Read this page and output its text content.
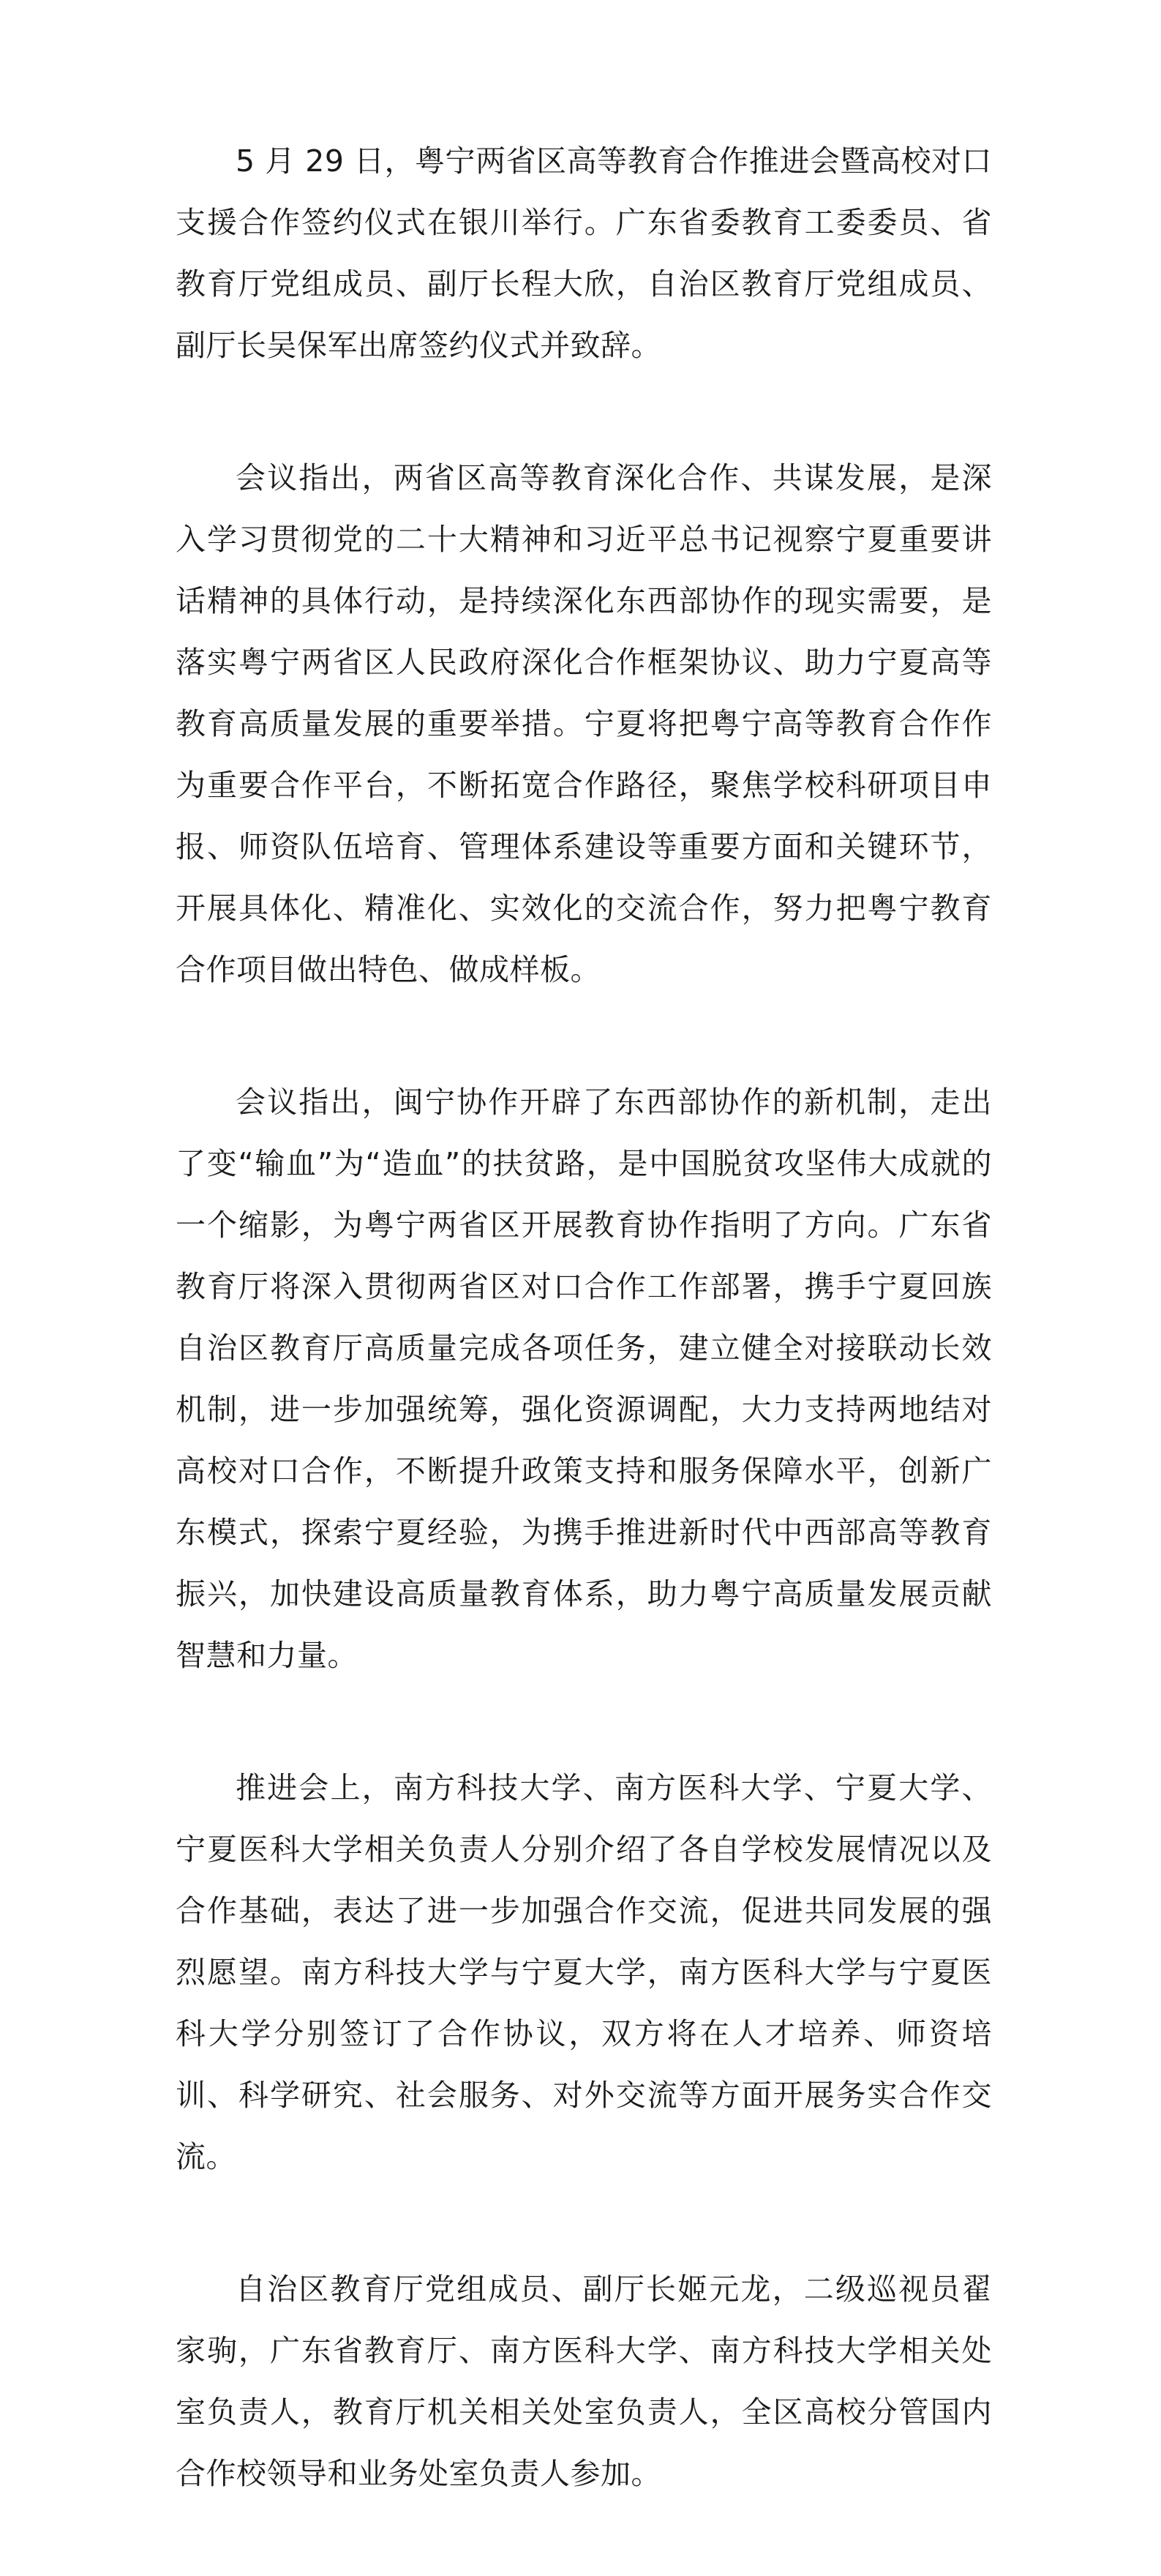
5 月 29 日，粤宁两省区高等教育合作推进会暨高校对口支援合作签约仪式在银川举行。广东省委教育工委委员、省教育厅党组成员、副厅长程大欣，自治区教育厅党组成员、副厅长吴保军出席签约仪式并致辞。

会议指出，两省区高等教育深化合作、共谋发展，是深入学习贯彻党的二十大精神和习近平总书记视察宁夏重要讲话精神的具体行动，是持续深化东西部协作的现实需要，是落实粤宁两省区人民政府深化合作框架协议、助力宁夏高等教育高质量发展的重要举措。宁夏将把粤宁高等教育合作作为重要合作平台，不断拓宽合作路径，聚焦学校科研项目申报、师资队伍培育、管理体系建设等重要方面和关键环节，开展具体化、精准化、实效化的交流合作，努力把粤宁教育合作项目做出特色、做成样板。

会议指出，闽宁协作开辟了东西部协作的新机制，走出了变“输血”为“造血”的扶贫路，是中国脱贫攻坚伟大成就的一个缩影，为粤宁两省区开展教育协作指明了方向。广东省教育厅将深入贯彻两省区对口合作工作部署，携手宁夏回族自治区教育厅高质量完成各项任务，建立健全对接联动长效机制，进一步加强统筹，强化资源调配，大力支持两地结对高校对口合作，不断提升政策支持和服务保障水平，创新广东模式，探索宁夏经验，为携手推进新时代中西部高等教育振兴，加快建设高质量教育体系，助力粤宁高质量发展贡献智慧和力量。

推进会上，南方科技大学、南方医科大学、宁夏大学、宁夏医科大学相关负责人分别介绍了各自学校发展情况以及合作基础，表达了进一步加强合作交流，促进共同发展的强烈愿望。南方科技大学与宁夏大学，南方医科大学与宁夏医科大学分别签订了合作协议，双方将在人才培养、师资培训、科学研究、社会服务、对外交流等方面开展务实合作交流。

自治区教育厅党组成员、副厅长姬元龙，二级巡视员翟家驹，广东省教育厅、南方医科大学、南方科技大学相关处室负责人，教育厅机关相关处室负责人，全区高校分管国内合作校领导和业务处室负责人参加。
